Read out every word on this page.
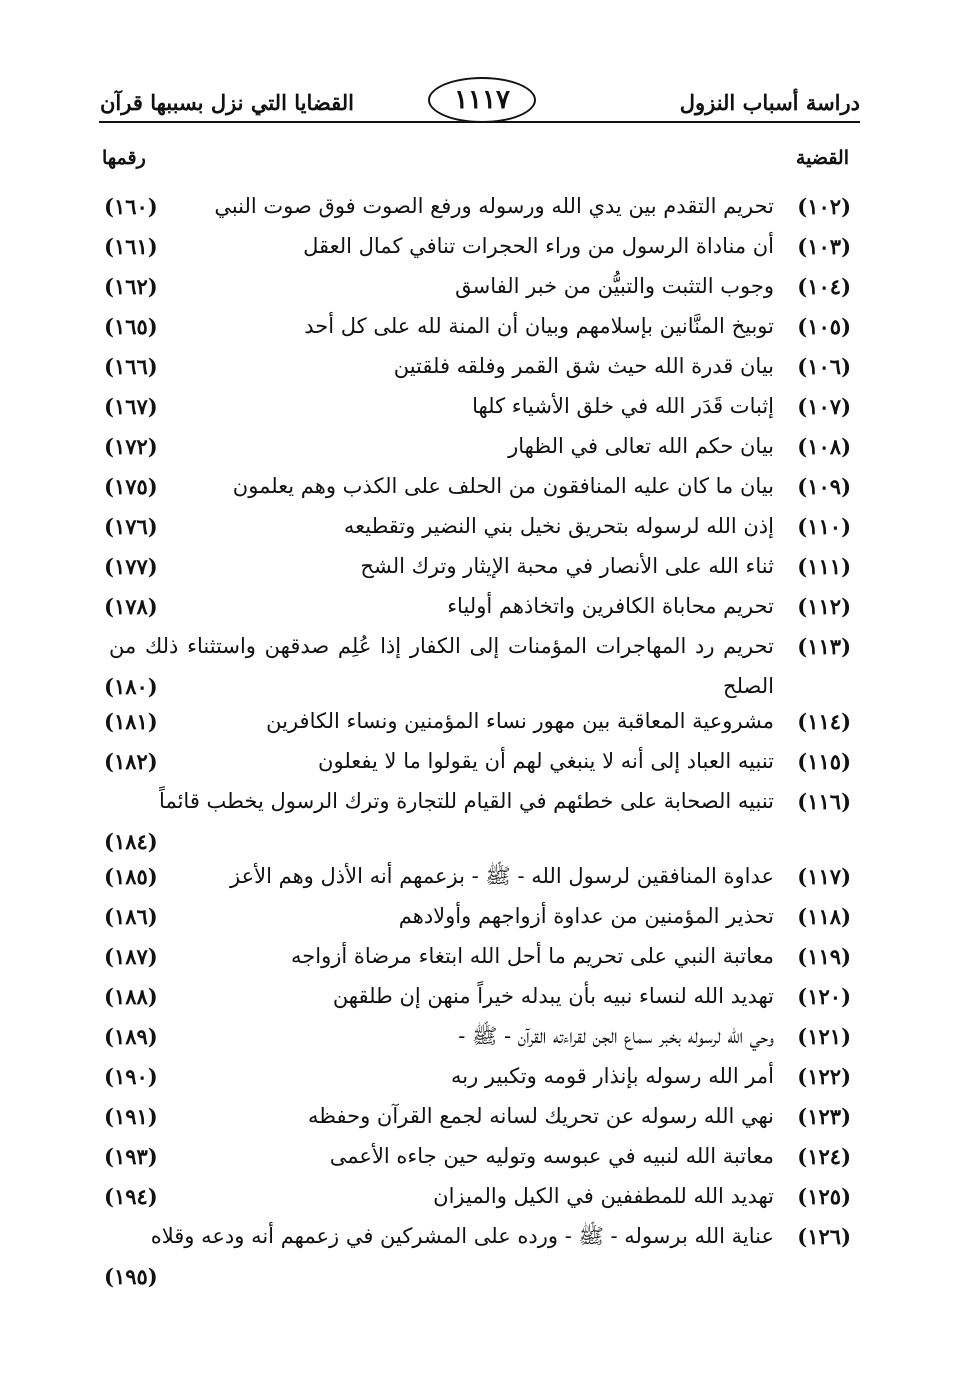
دراسة أسباب النزول
١١١٧
القضايا التي نزل بسببها قرآن
القضية
رقمها
(١٠٢)
تحريم التقدم بين يدي الله ورسوله ورفع الصوت فوق صوت النبي
(١٦٠)
(١٠٣)
أن مناداة الرسول من وراء الحجرات تنافي كمال العقل
(١٦١)
(١٠٤)
وجوب التثبت والتبيُّن من خبر الفاسق
(١٦٢)
(١٠٥)
توبيخ المنَّانين بإسلامهم وبيان أن المنة لله على كل أحد
(١٦٥)
(١٠٦)
بيان قدرة الله حيث شق القمر وفلقه فلقتين
(١٦٦)
(١٠٧)
إثبات قَدَر الله في خلق الأشياء كلها
(١٦٧)
(١٠٨)
بيان حكم الله تعالى في الظهار
(١٧٢)
(١٠٩)
بيان ما كان عليه المنافقون من الحلف على الكذب وهم يعلمون
(١٧٥)
(١١٠)
إذن الله لرسوله بتحريق نخيل بني النضير وتقطيعه
(١٧٦)
(١١١)
ثناء الله على الأنصار في محبة الإيثار وترك الشح
(١٧٧)
(١١٢)
تحريم محاباة الكافرين واتخاذهم أولياء
(١٧٨)
(١١٣)
تحريم رد المهاجرات المؤمنات إلى الكفار إذا عُلِم صدقهن واستثناء ذلك من الصلح
(١٨٠)
(١١٤)
مشروعية المعاقبة بين مهور نساء المؤمنين ونساء الكافرين
(١٨١)
(١١٥)
تنبيه العباد إلى أنه لا ينبغي لهم أن يقولوا ما لا يفعلون
(١٨٢)
(١١٦)
تنبيه الصحابة على خطئهم في القيام للتجارة وترك الرسول يخطب قائماً
(١٨٤)
(١١٧)
عداوة المنافقين لرسول الله - ﷺ - بزعمهم أنه الأذل وهم الأعز
(١٨٥)
(١١٨)
تحذير المؤمنين من عداوة أزواجهم وأولادهم
(١٨٦)
(١١٩)
معاتبة النبي على تحريم ما أحل الله ابتغاء مرضاة أزواجه
(١٨٧)
(١٢٠)
تهديد الله لنساء نبيه بأن يبدله خيراً منهن إن طلقهن
(١٨٨)
(١٢١)
وحي الله لرسوله بخبر سماع الجن لقراءته القرآن - ﷺ -
(١٨٩)
(١٢٢)
أمر الله رسوله بإنذار قومه وتكبير ربه
(١٩٠)
(١٢٣)
نهي الله رسوله عن تحريك لسانه لجمع القرآن وحفظه
(١٩١)
(١٢٤)
معاتبة الله لنبيه في عبوسه وتوليه حين جاءه الأعمى
(١٩٣)
(١٢٥)
تهديد الله للمطففين في الكيل والميزان
(١٩٤)
(١٢٦)
عناية الله برسوله - ﷺ - ورده على المشركين في زعمهم أنه ودعه وقلاه
(١٩٥)
